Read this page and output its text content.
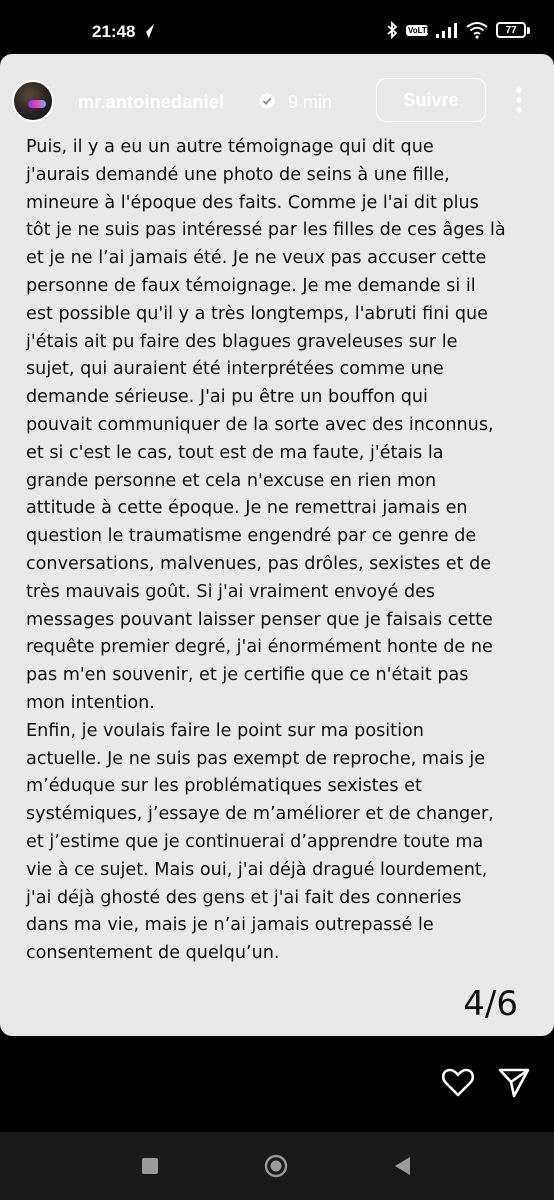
21:48	VoLTE	77
mr.antoinedaniel	9 min	Suivre

Puis, il y a eu un autre témoignage qui dit que
j'aurais demandé une photo de seins à une fille,
mineure à l'époque des faits. Comme je l'ai dit plus
tôt je ne suis pas intéressé par les filles de ces âges là
et je ne l’ai jamais été. Je ne veux pas accuser cette
personne de faux témoignage. Je me demande si il
est possible qu'il y a très longtemps, l'abruti fini que
j'étais ait pu faire des blagues graveleuses sur le
sujet, qui auraient été interprétées comme une
demande sérieuse. J'ai pu être un bouffon qui
pouvait communiquer de la sorte avec des inconnus,
et si c'est le cas, tout est de ma faute, j'étais la
grande personne et cela n'excuse en rien mon
attitude à cette époque. Je ne remettrai jamais en
question le traumatisme engendré par ce genre de
conversations, malvenues, pas drôles, sexistes et de
très mauvais goût. Si j'ai vraiment envoyé des
messages pouvant laisser penser que je faisais cette
requête premier degré, j'ai énormément honte de ne
pas m'en souvenir, et je certifie que ce n'était pas
mon intention.
Enfin, je voulais faire le point sur ma position
actuelle. Je ne suis pas exempt de reproche, mais je
m’éduque sur les problématiques sexistes et
systémiques, j’essaye de m’améliorer et de changer,
et j’estime que je continuerai d’apprendre toute ma
vie à ce sujet. Mais oui, j'ai déjà dragué lourdement,
j'ai déjà ghosté des gens et j'ai fait des conneries
dans ma vie, mais je n’ai jamais outrepassé le
consentement de quelqu’un.

4/6
